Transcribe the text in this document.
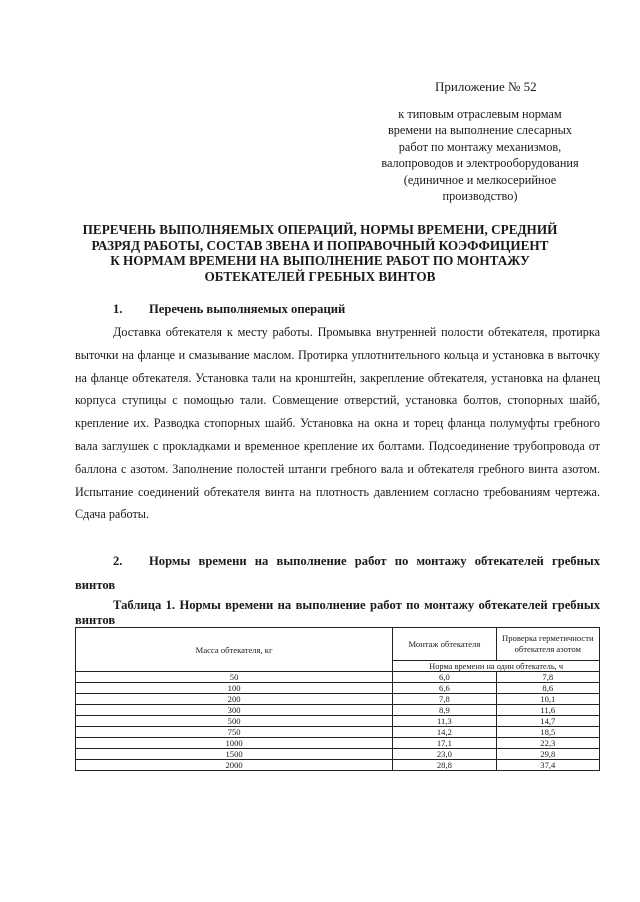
Приложение № 52
к типовым отраслевым нормам
времени на выполнение слесарных
работ по монтажу механизмов,
валопроводов и электрооборудования
(единичное и мелкосерийное
производство)
ПЕРЕЧЕНЬ ВЫПОЛНЯЕМЫХ ОПЕРАЦИЙ, НОРМЫ ВРЕМЕНИ, СРЕДНИЙ
РАЗРЯД РАБОТЫ, СОСТАВ ЗВЕНА И ПОПРАВОЧНЫЙ КОЭФФИЦИЕНТ
К НОРМАМ ВРЕМЕНИ НА ВЫПОЛНЕНИЕ РАБОТ ПО МОНТАЖУ
ОБТЕКАТЕЛЕЙ ГРЕБНЫХ ВИНТОВ
1. Перечень выполняемых операций
Доставка обтекателя к месту работы. Промывка внутренней полости обтекателя, протирка выточки на фланце и смазывание маслом. Протирка уплотнительного кольца и установка в выточку на фланце обтекателя. Установка тали на кронштейн, закрепление обтекателя, установка на фланец корпуса ступицы с помощью тали. Совмещение отверстий, установка болтов, стопорных шайб, крепление их. Разводка стопорных шайб. Установка на окна и торец фланца полумуфты гребного вала заглушек с прокладками и временное крепление их болтами. Подсоединение трубопровода от баллона с азотом. Заполнение полостей штанги гребного вала и обтекателя гребного винта азотом. Испытание соединений обтекателя винта на плотность давлением согласно требованиям чертежа. Сдача работы.
2. Нормы времени на выполнение работ по монтажу обтекателей гребных винтов
Таблица 1. Нормы времени на выполнение работ по монтажу обтекателей гребных винтов
Масса обтекателя, кг	Монтаж обтекателя	Проверка герметичности обтекателя азотом
	Норма времени на один обтекатель, ч	
50	6,0	7,8
100	6,6	8,6
200	7,8	10,1
300	8,9	11,6
500	11,3	14,7
750	14,2	18,5
1000	17,1	22,3
1500	23,0	29,8
2000	28,8	37,4
